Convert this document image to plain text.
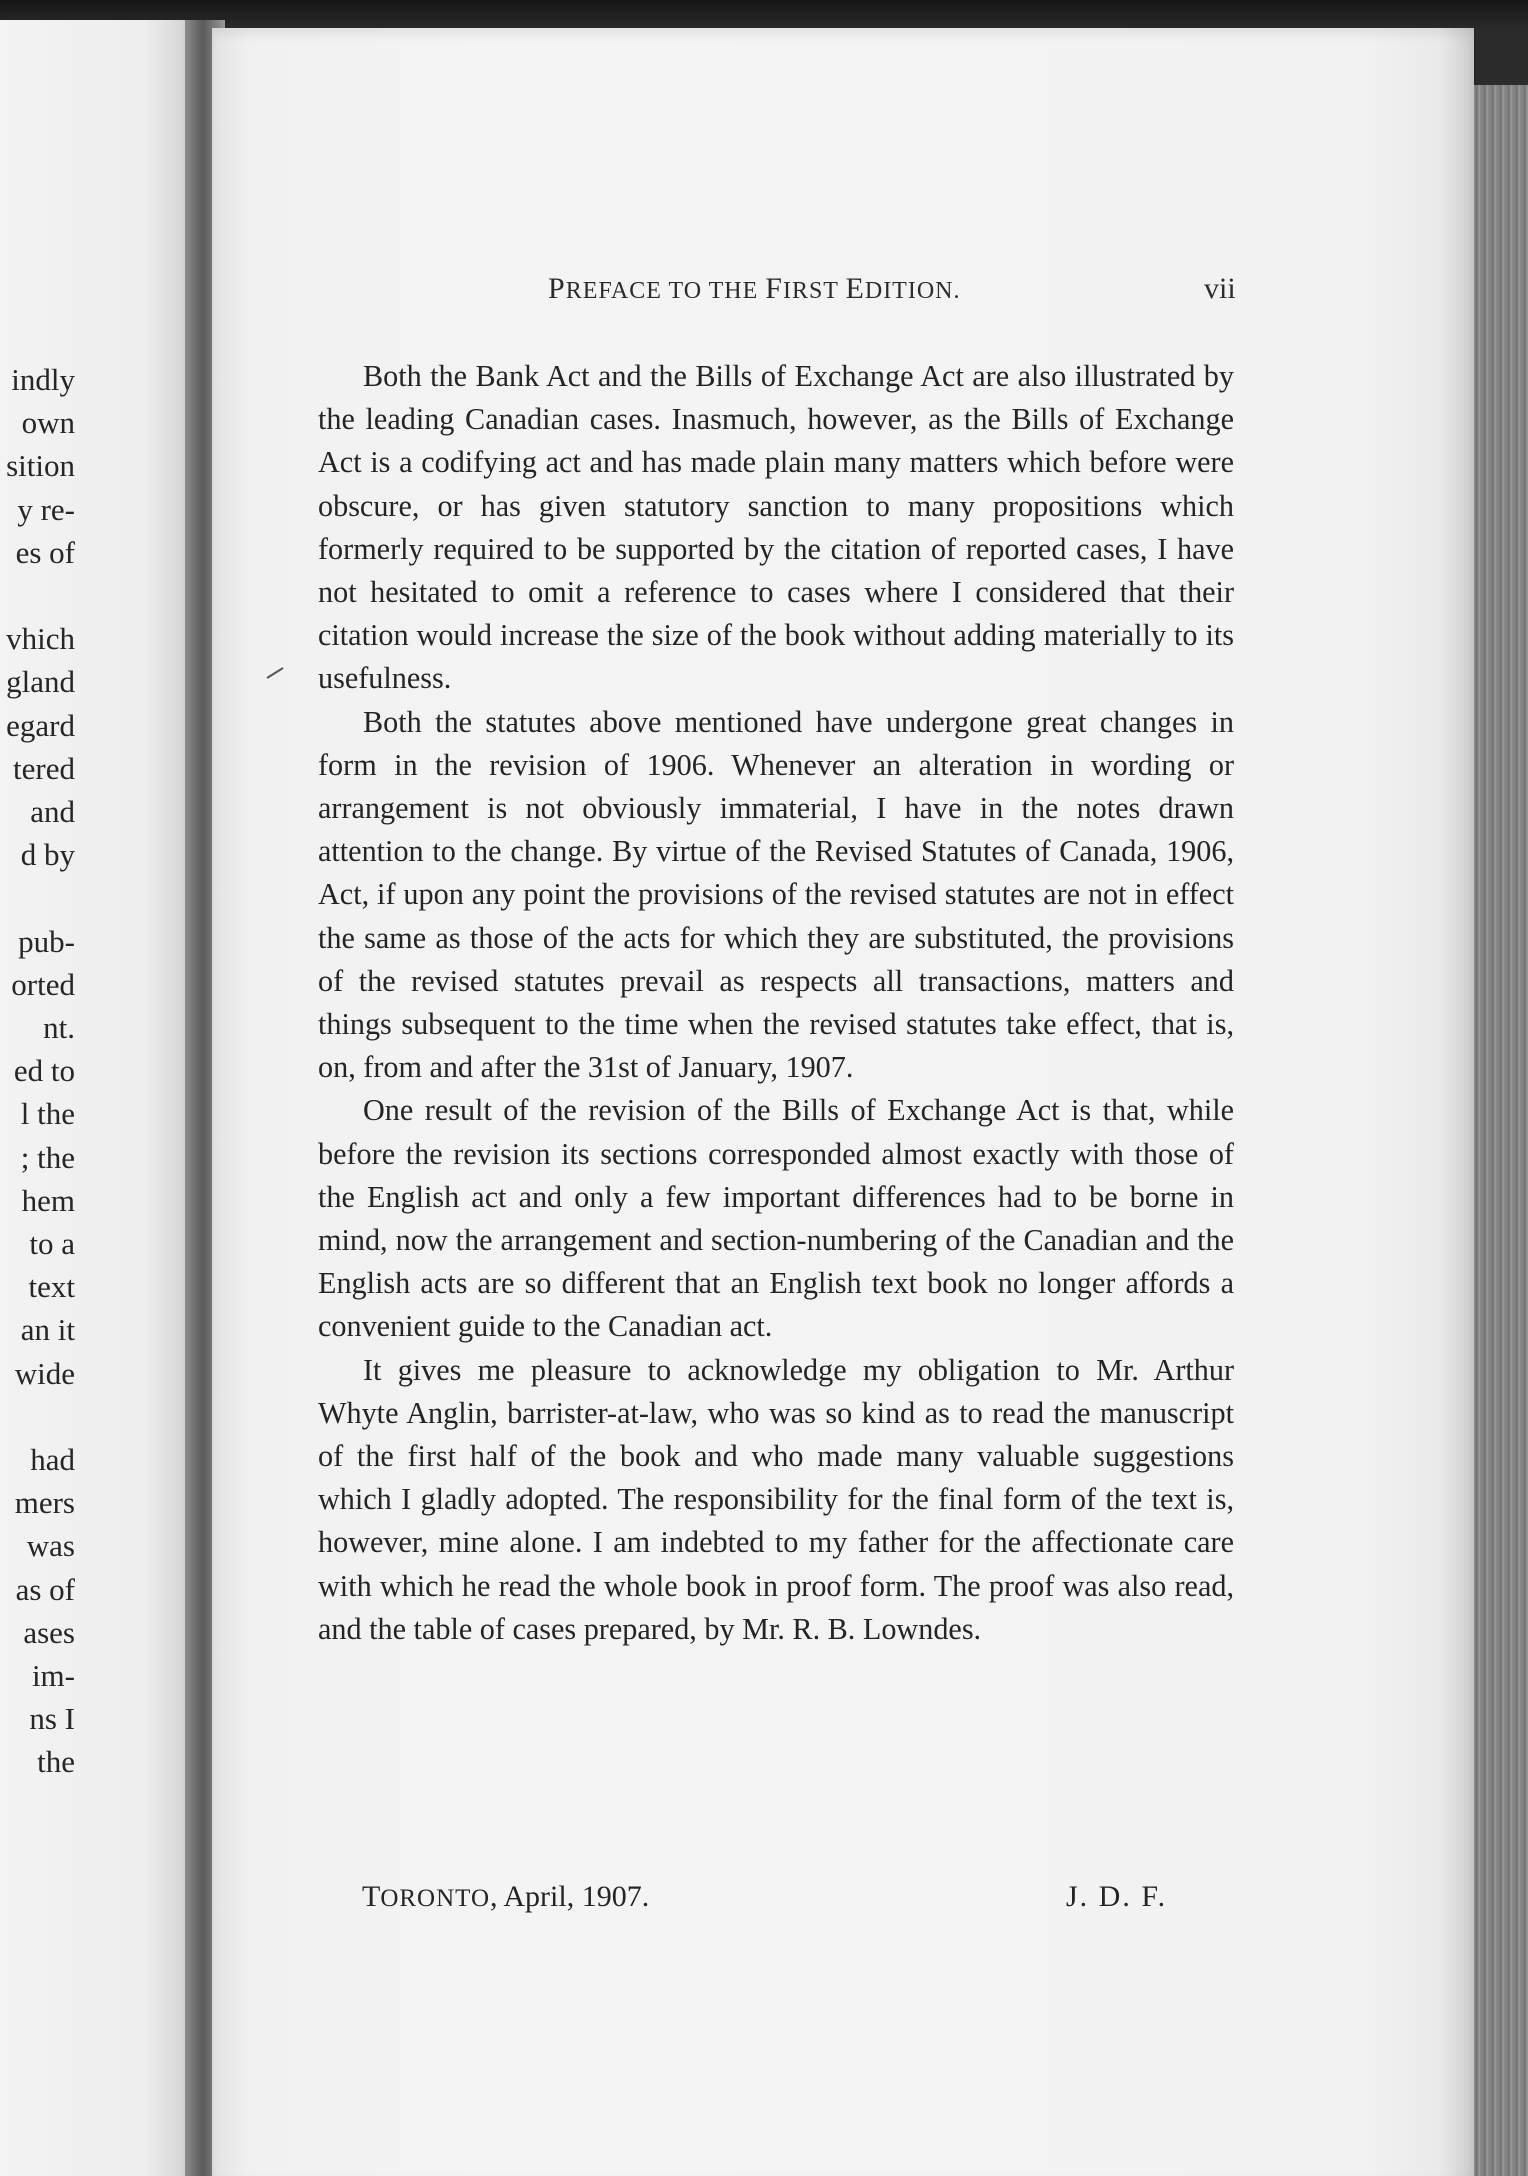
indly
own
sition
y re-
es of
vhich
gland
egard
tered
and
d by
pub-
orted
nt.
ed to
l the
; the
hem
to a
text
an it
wide
had
mers
was
as of
ases
im-
ns I
the
PREFACE TO THE FIRST EDITION.	vii

Both the Bank Act and the Bills of Exchange Act are also illustrated by the leading Canadian cases. Inasmuch, however, as the Bills of Exchange Act is a codifying act and has made plain many matters which before were obscure, or has given statutory sanction to many propositions which formerly required to be supported by the citation of reported cases, I have not hesitated to omit a reference to cases where I considered that their citation would increase the size of the book without adding materially to its usefulness.

Both the statutes above mentioned have undergone great changes in form in the revision of 1906. Whenever an alteration in wording or arrangement is not obviously immaterial, I have in the notes drawn attention to the change. By virtue of the Revised Statutes of Canada, 1906, Act, if upon any point the provisions of the revised statutes are not in effect the same as those of the acts for which they are substituted, the provisions of the revised statutes prevail as respects all transactions, matters and things subsequent to the time when the revised statutes take effect, that is, on, from and after the 31st of January, 1907.

One result of the revision of the Bills of Exchange Act is that, while before the revision its sections corresponded almost exactly with those of the English act and only a few important differences had to be borne in mind, now the arrangement and section-numbering of the Canadian and the English acts are so different that an English text book no longer affords a convenient guide to the Canadian act.

It gives me pleasure to acknowledge my obligation to Mr. Arthur Whyte Anglin, barrister-at-law, who was so kind as to read the manuscript of the first half of the book and who made many valuable suggestions which I gladly adopted. The responsibility for the final form of the text is, however, mine alone. I am indebted to my father for the affectionate care with which he read the whole book in proof form. The proof was also read, and the table of cases prepared, by Mr. R. B. Lowndes.

TORONTO, April, 1907.	J. D. F.
